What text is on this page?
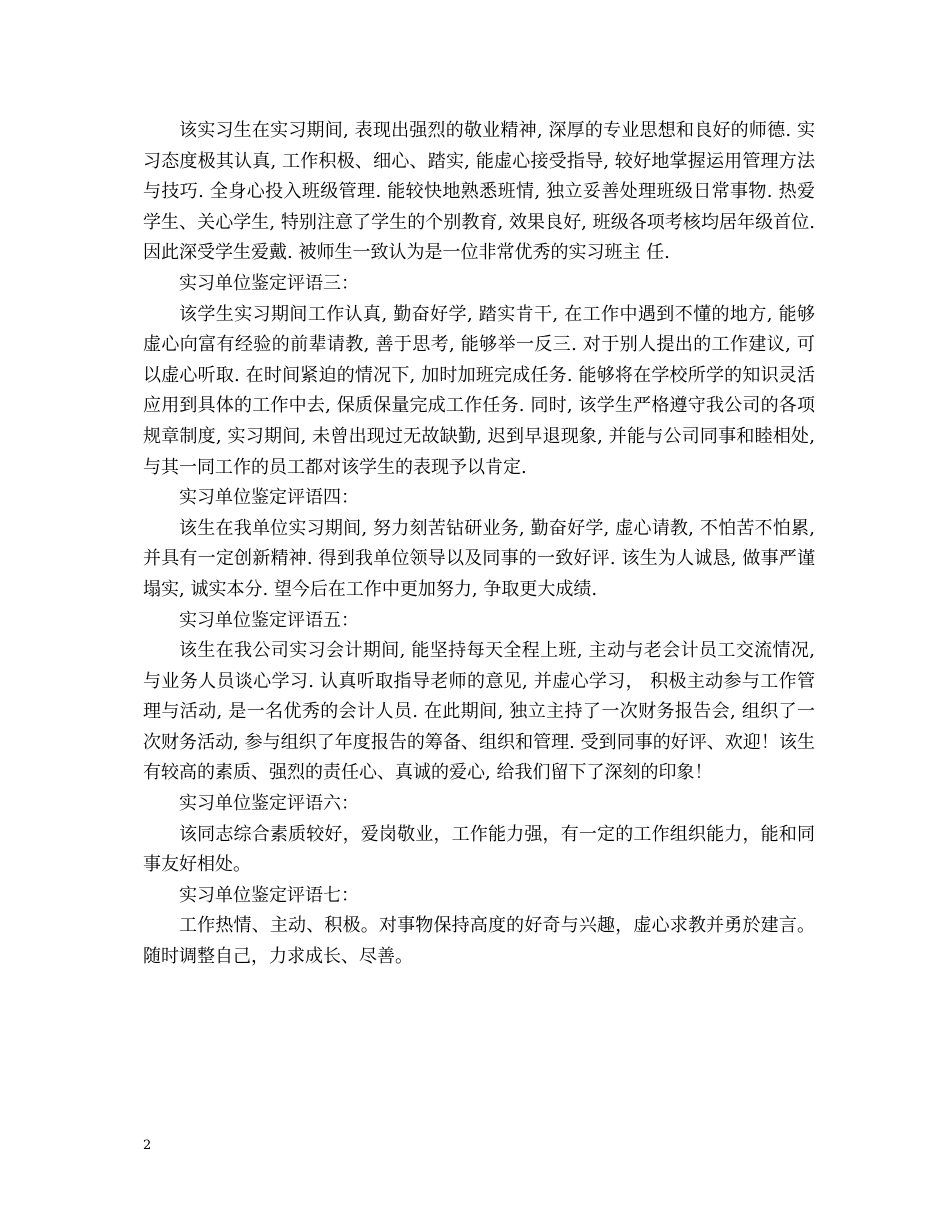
该实习生在实习期间, 表现出强烈的敬业精神, 深厚的专业思想和良好的师德. 实习态度极其认真, 工作积极、细心、踏实, 能虚心接受指导, 较好地掌握运用管理方法与技巧. 全身心投入班级管理. 能较快地熟悉班情, 独立妥善处理班级日常事物. 热爱学生、关心学生, 特别注意了学生的个别教育, 效果良好, 班级各项考核均居年级首位. 因此深受学生爱戴. 被师生一致认为是一位非常优秀的实习班主 任.

实习单位鉴定评语三：

该学生实习期间工作认真, 勤奋好学, 踏实肯干, 在工作中遇到不懂的地方, 能够虚心向富有经验的前辈请教, 善于思考, 能够举一反三. 对于别人提出的工作建议, 可以虚心听取. 在时间紧迫的情况下, 加时加班完成任务. 能够将在学校所学的知识灵活应用到具体的工作中去, 保质保量完成工作任务. 同时, 该学生严格遵守我公司的各项规章制度, 实习期间, 未曾出现过无故缺勤, 迟到早退现象, 并能与公司同事和睦相处, 与其一同工作的员工都对该学生的表现予以肯定.

实习单位鉴定评语四：

该生在我单位实习期间, 努力刻苦钻研业务, 勤奋好学, 虚心请教, 不怕苦不怕累, 并具有一定创新精神. 得到我单位领导以及同事的一致好评. 该生为人诚恳, 做事严谨塌实, 诚实本分. 望今后在工作中更加努力, 争取更大成绩.

实习单位鉴定评语五：

该生在我公司实习会计期间, 能坚持每天全程上班, 主动与老会计员工交流情况, 与业务人员谈心学习. 认真听取指导老师的意见, 并虚心学习， 积极主动参与工作管理与活动, 是一名优秀的会计人员. 在此期间, 独立主持了一次财务报告会, 组织了一次财务活动, 参与组织了年度报告的筹备、组织和管理. 受到同事的好评、欢迎！该生有较高的素质、强烈的责任心、真诚的爱心, 给我们留下了深刻的印象！

实习单位鉴定评语六：

该同志综合素质较好，爱岗敬业，工作能力强，有一定的工作组织能力，能和同事友好相处。

实习单位鉴定评语七：

工作热情、主动、积极。对事物保持高度的好奇与兴趣，虚心求教并勇於建言。随时调整自己，力求成长、尽善。

2
